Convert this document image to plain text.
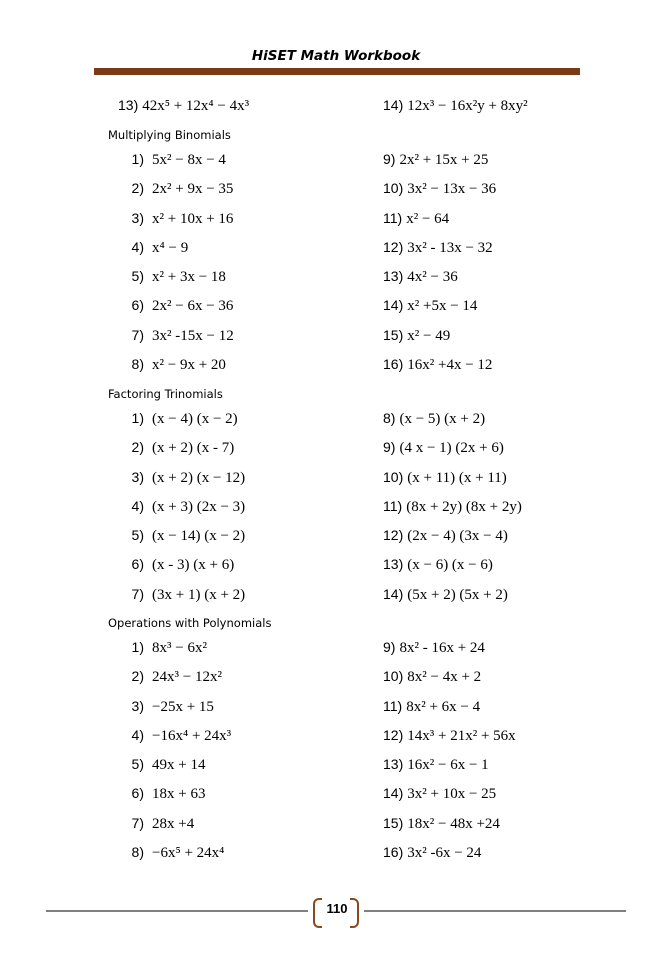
HiSET Math Workbook
13) 42x⁵ + 12x⁴ − 4x³	14) 12x³ − 16x²y + 8xy²
Multiplying Binomials
1) 5x² − 8x − 4
2) 2x² + 9x − 35
3) x² + 10x + 16
4) x⁴ − 9
5) x² + 3x − 18
6) 2x² − 6x − 36
7) 3x² -15x − 12
8) x² − 9x + 20
9) 2x² + 15x + 25
10) 3x² − 13x − 36
11) x² − 64
12) 3x² - 13x − 32
13) 4x² − 36
14) x² +5x − 14
15) x² − 49
16) 16x² +4x − 12
Factoring Trinomials
1) (x − 4) (x − 2)
2) (x + 2) (x - 7)
3) (x + 2) (x − 12)
4) (x + 3) (2x − 3)
5) (x − 14) (x − 2)
6) (x - 3) (x + 6)
7) (3x + 1) (x + 2)
8) (x − 5) (x + 2)
9) (4 x − 1) (2x + 6)
10) (x + 11) (x + 11)
11) (8x + 2y) (8x + 2y)
12) (2x − 4) (3x − 4)
13) (x − 6) (x − 6)
14) (5x + 2) (5x + 2)
Operations with Polynomials
1) 8x³ − 6x²
2) 24x³ − 12x²
3) −25x + 15
4) −16x⁴ + 24x³
5) 49x + 14
6) 18x + 63
7) 28x +4
8) −6x⁵ + 24x⁴
9) 8x² - 16x + 24
10) 8x² − 4x + 2
11) 8x² + 6x − 4
12) 14x³ + 21x² + 56x
13) 16x² − 6x − 1
14) 3x² + 10x − 25
15) 18x² − 48x +24
16) 3x² -6x − 24
110
